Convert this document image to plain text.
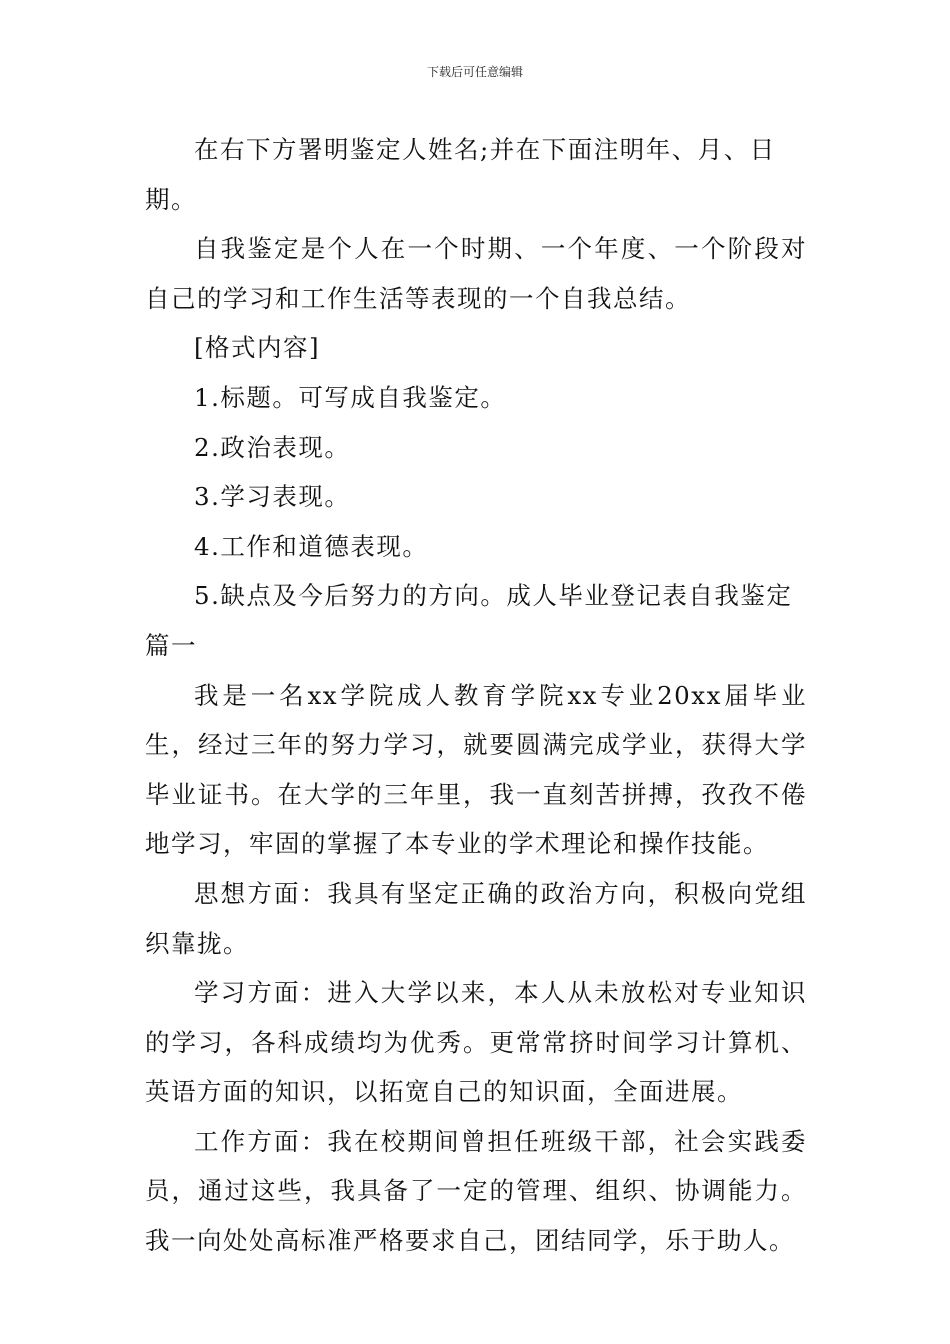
下载后可任意编辑

在右下方署明鉴定人姓名;并在下面注明年、月、日期。

自我鉴定是个人在一个时期、一个年度、一个阶段对自己的学习和工作生活等表现的一个自我总结。

[格式内容]

1.标题。可写成自我鉴定。

2.政治表现。

3.学习表现。

4.工作和道德表现。

5.缺点及今后努力的方向。成人毕业登记表自我鉴定篇一

我是一名xx学院成人教育学院xx专业20xx届毕业生，经过三年的努力学习，就要圆满完成学业，获得大学毕业证书。在大学的三年里，我一直刻苦拼搏，孜孜不倦地学习，牢固的掌握了本专业的学术理论和操作技能。

思想方面：我具有坚定正确的政治方向，积极向党组织靠拢。

学习方面：进入大学以来，本人从未放松对专业知识的学习，各科成绩均为优秀。更常常挤时间学习计算机、英语方面的知识，以拓宽自己的知识面，全面进展。

工作方面：我在校期间曾担任班级干部，社会实践委员，通过这些，我具备了一定的管理、组织、协调能力。我一向处处高标准严格要求自己，团结同学，乐于助人。
